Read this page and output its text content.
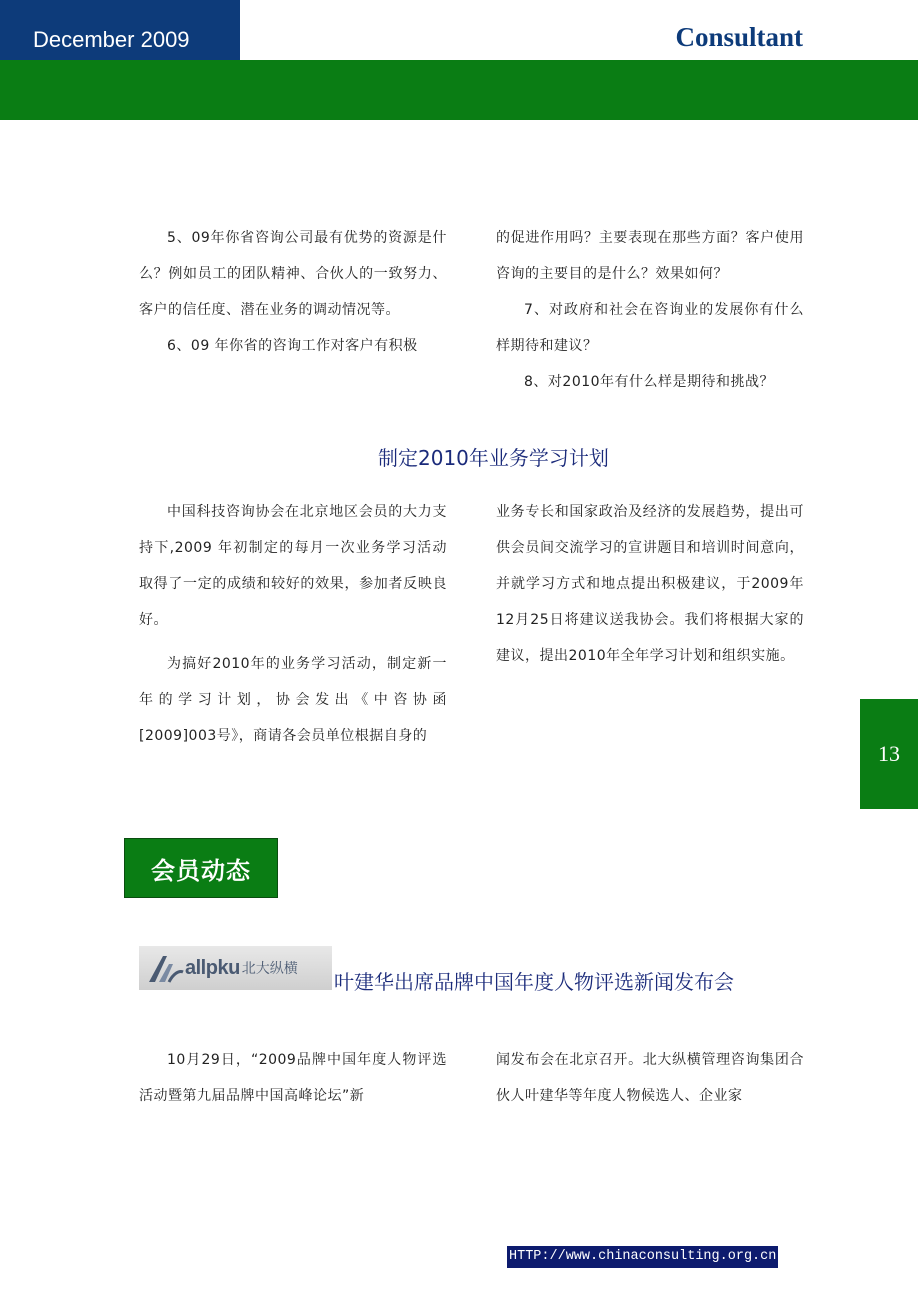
December 2009	Consultant

5、09年你省咨询公司最有优势的资源是什么？例如员工的团队精神、合伙人的一致努力、客户的信任度、潜在业务的调动情况等。

6、09 年你省的咨询工作对客户有积极

的促进作用吗？主要表现在那些方面？客户使用咨询的主要目的是什么？效果如何？

7、对政府和社会在咨询业的发展你有什么样期待和建议？

8、对2010年有什么样是期待和挑战？

制定2010年业务学习计划

中国科技咨询协会在北京地区会员的大力支持下,2009 年初制定的每月一次业务学习活动取得了一定的成绩和较好的效果，参加者反映良好。

为搞好2010年的业务学习活动，制定新一年的学习计划，协会发出《中咨协函[2009]003号》，商请各会员单位根据自身的

业务专长和国家政治及经济的发展趋势，提出可供会员间交流学习的宣讲题目和培训时间意向，并就学习方式和地点提出积极建议，于2009年12月25日将建议送我协会。我们将根据大家的建议，提出2010年全年学习计划和组织实施。

13
会员动态
allpku 北大纵横
叶建华出席品牌中国年度人物评选新闻发布会

10月29日，“2009品牌中国年度人物评选活动暨第九届品牌中国高峰论坛”新

闻发布会在北京召开。北大纵横管理咨询集团合伙人叶建华等年度人物候选人、企业家

HTTP://www.chinaconsulting.org.cn
